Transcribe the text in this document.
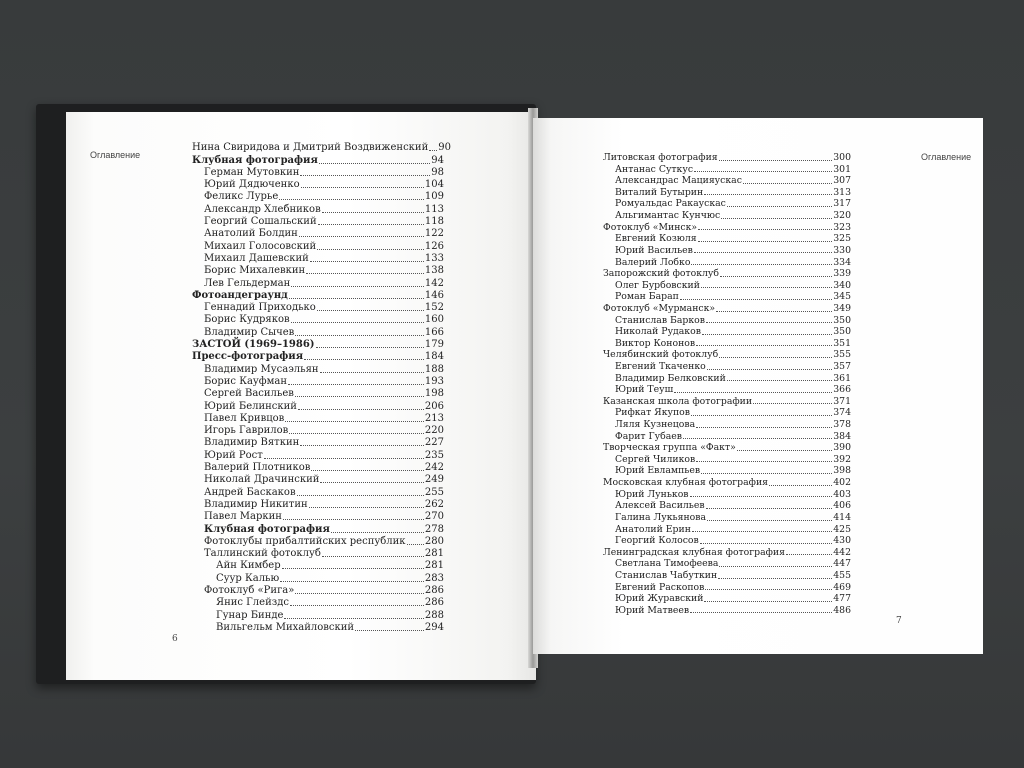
Оглавление
Нина Свиридова и Дмитрий Воздвиженский 90
Клубная фотография	94
Герман Мутовкин	98
Юрий Дядюченко	104
Феликс Лурье	109
Александр Хлебников	113
Георгий Сошальский	118
Анатолий Болдин	122
Михаил Голосовский	126
Михаил Дашевский	133
Борис Михалевкин	138
Лев Гельдерман	142
Фотоандеграунд	146
Геннадий Приходько	152
Борис Кудряков	160
Владимир Сычев	166
ЗАСТОЙ (1969–1986)	179
Пресс-фотография	184
Владимир Мусаэльян	188
Борис Кауфман	193
Сергей Васильев	198
Юрий Белинский	206
Павел Кривцов	213
Игорь Гаврилов	220
Владимир Вяткин	227
Юрий Рост	235
Валерий Плотников	242
Николай Драчинский	249
Андрей Баскаков	255
Владимир Никитин	262
Павел Маркин	270
Клубная фотография	278
Фотоклубы прибалтийских республик 280
Таллинский фотоклуб	281
Айн Кимбер	281
Суур Калью	283
Фотоклуб «Рига»	286
Янис Глейздс	286
Гунар Бинде	288
Вильгельм Михайловский	294
6
Оглавление
Литовская фотография	300
Антанас Суткус	301
Александрас Мацияускас	307
Виталий Бутырин	313
Ромуальдас Ракаускас	317
Альгимантас Кунчюс	320
Фотоклуб «Минск»	323
Евгений Козюля	325
Юрий Васильев	330
Валерий Лобко	334
Запорожский фотоклуб	339
Олег Бурбовский	340
Роман Барап	345
Фотоклуб «Мурманск»	349
Станислав Барков	350
Николай Рудаков	350
Виктор Кононов	351
Челябинский фотоклуб	355
Евгений Ткаченко	357
Владимир Белковский	361
Юрий Теуш	366
Казанская школа фотографии	371
Рифкат Якупов	374
Ляля Кузнецова	378
Фарит Губаев	384
Творческая группа «Факт»	390
Сергей Чиликов	392
Юрий Евлампьев	398
Московская клубная фотография	402
Юрий Луньков	403
Алексей Васильев	406
Галина Лукьянова	414
Анатолий Ерин	425
Георгий Колосов	430
Ленинградская клубная фотография	442
Светлана Тимофеева	447
Станислав Чабуткин	455
Евгений Раскопов	469
Юрий Журавский	477
Юрий Матвеев	486
7
